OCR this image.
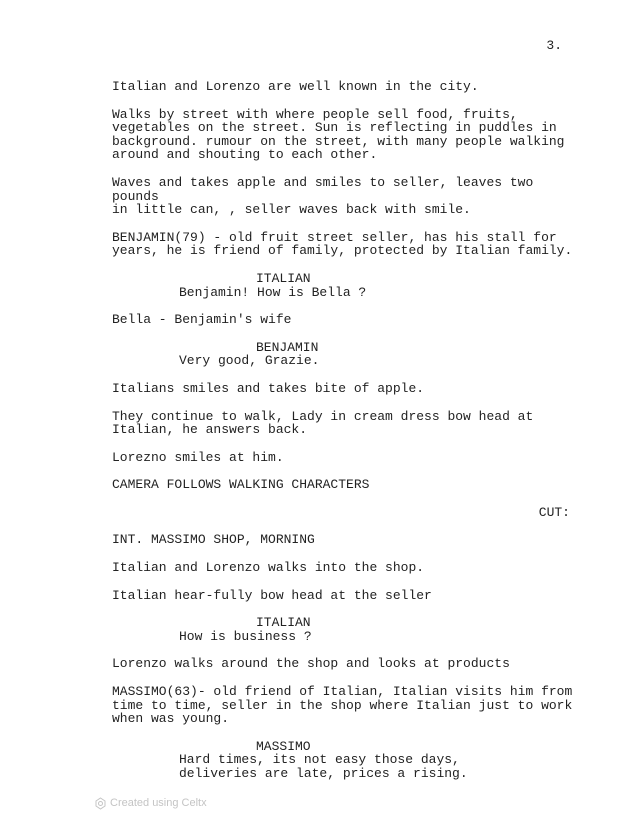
3.
Italian and Lorenzo are well known in the city.
Walks by street with where people sell food, fruits,
vegetables on the street. Sun is reflecting in puddles in
background. rumour on the street, with many people walking
around and shouting to each other.
Waves and takes apple and smiles to seller, leaves two pounds
in little can, , seller waves back with smile.
BENJAMIN(79) - old fruit street seller, has his stall for
years, he is friend of family, protected by Italian family.
ITALIAN
Benjamin! How is Bella ?
Bella - Benjamin's wife
BENJAMIN
Very good, Grazie.
Italians smiles and takes bite of apple.
They continue to walk, Lady in cream dress bow head at
Italian, he answers back.
Lorezno smiles at him.
CAMERA FOLLOWS WALKING CHARACTERS
CUT:
INT. MASSIMO SHOP, MORNING
Italian and Lorenzo walks into the shop.
Italian hear-fully bow head at the seller
ITALIAN
How is business ?
Lorenzo walks around the shop and looks at products
MASSIMO(63)- old friend of Italian, Italian visits him from
time to time, seller in the shop where Italian just to work
when was young.
MASSIMO
Hard times, its not easy those days,
deliveries are late, prices a rising.
Created using Celtx
